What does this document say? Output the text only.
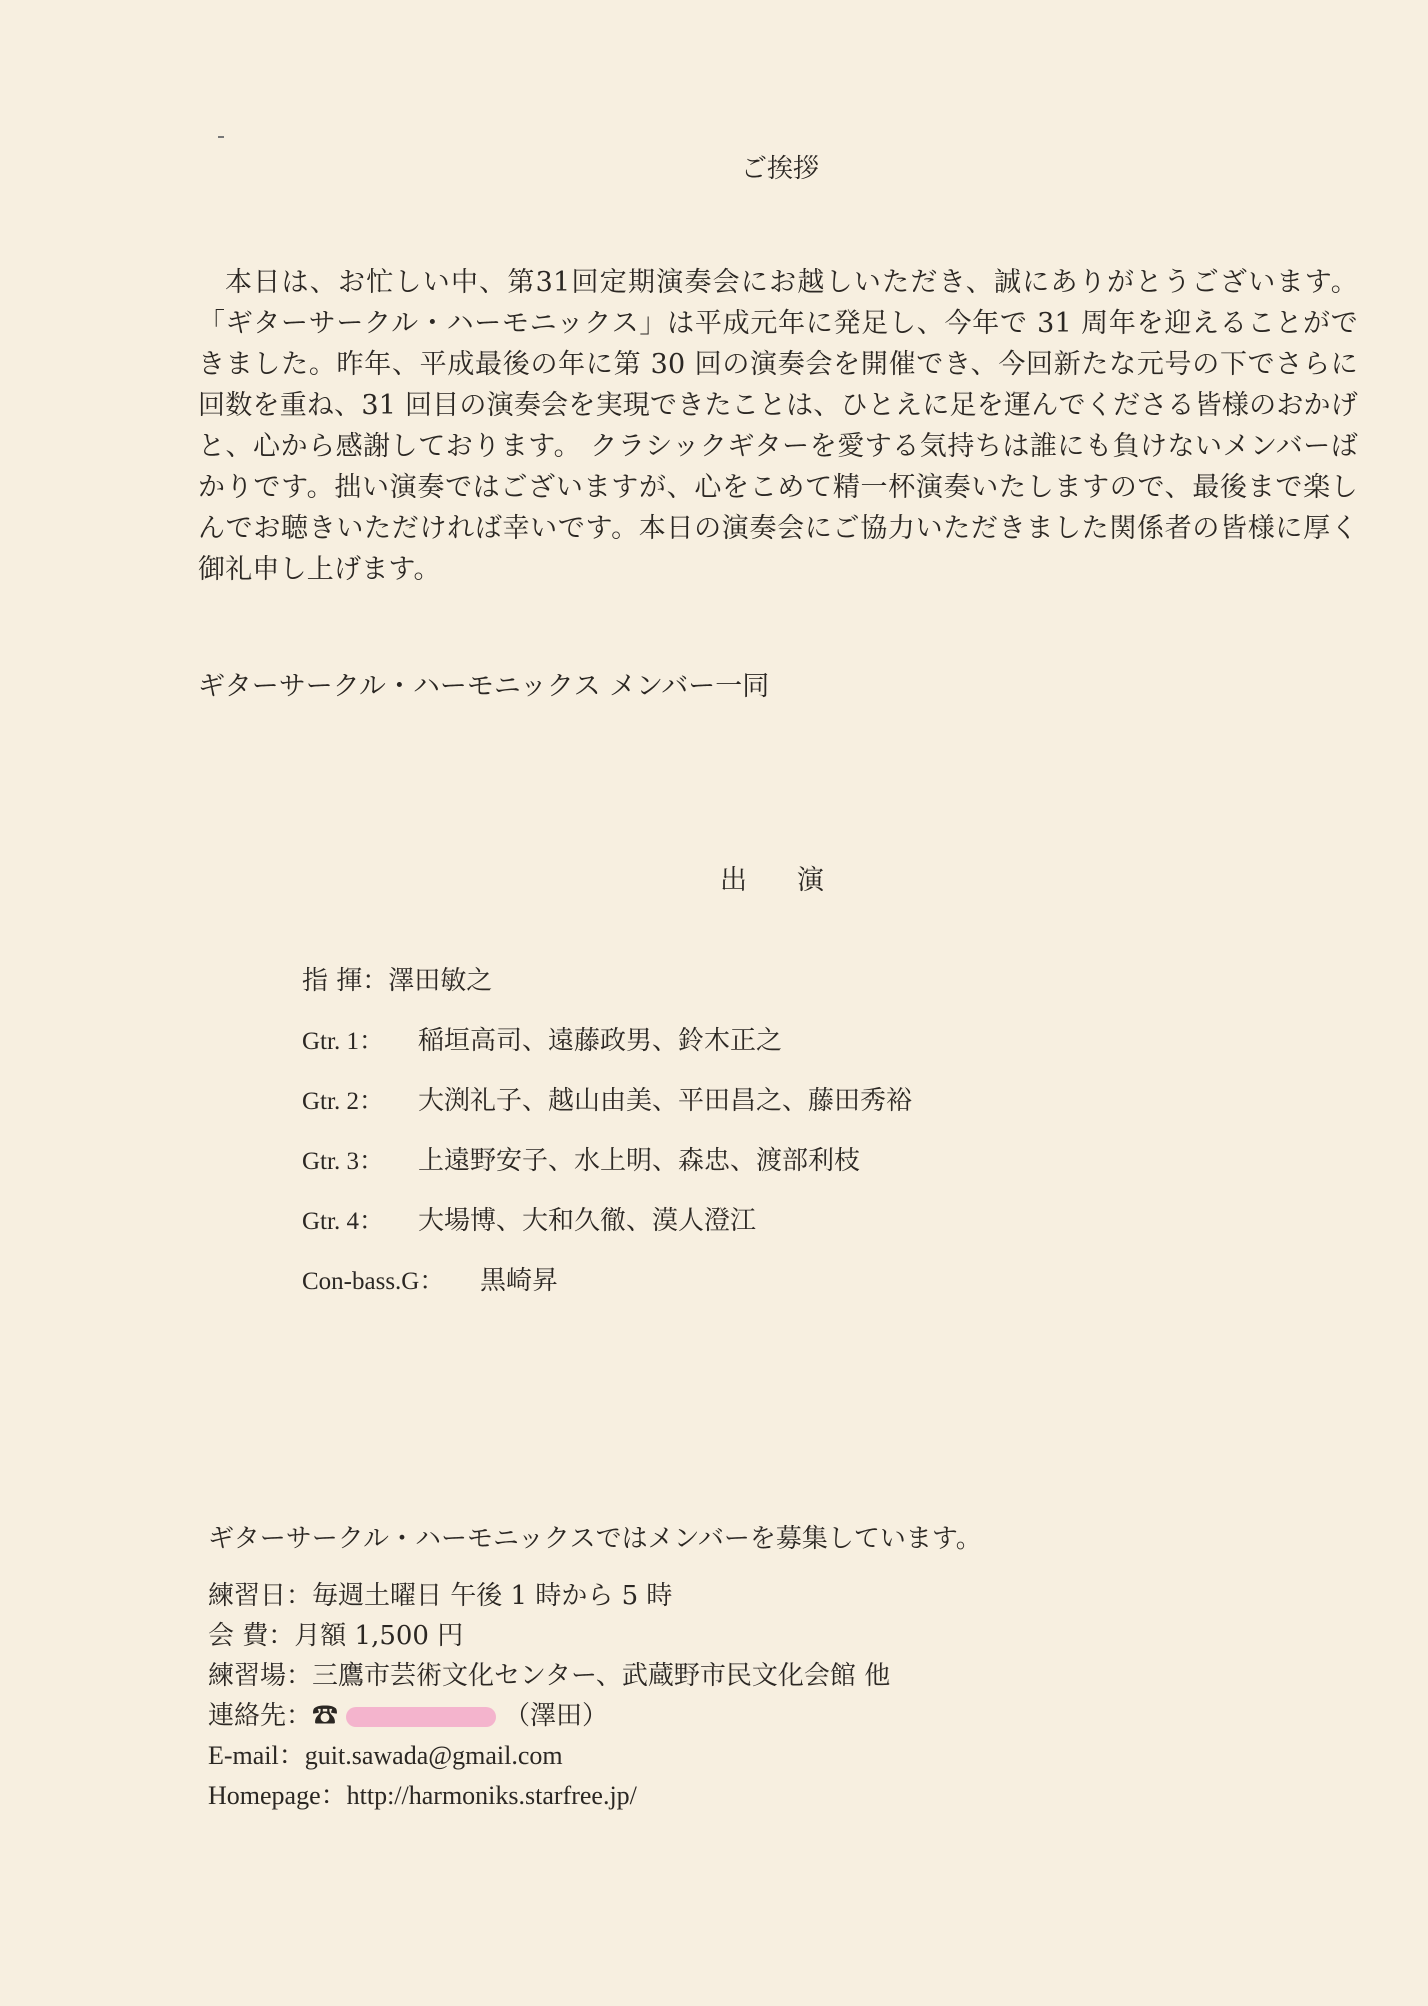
ご挨拶

本日は、お忙しい中、第31回定期演奏会にお越しいただき、誠にありがとうございます。「ギターサークル・ハーモニックス」は平成元年に発足し、今年で 31 周年を迎えることができました。昨年、平成最後の年に第 30 回の演奏会を開催でき、今回新たな元号の下でさらに回数を重ね、31 回目の演奏会を実現できたことは、ひとえに足を運んでくださる皆様のおかげと、心から感謝しております。 クラシックギターを愛する気持ちは誰にも負けないメンバーばかりです。拙い演奏ではございますが、心をこめて精一杯演奏いたしますので、最後まで楽しんでお聴きいただければ幸いです。本日の演奏会にご協力いただきました関係者の皆様に厚く御礼申し上げます。

ギターサークル・ハーモニックス メンバー一同
出演
指 揮：澤田敏之
Gtr. 1： 稲垣高司、遠藤政男、鈴木正之
Gtr. 2： 大渕礼子、越山由美、平田昌之、藤田秀裕
Gtr. 3： 上遠野安子、水上明、森忠、渡部利枝
Gtr. 4： 大場博、大和久徹、漠人澄江
Con-bass.G： 黒崎昇
ギターサークル・ハーモニックスではメンバーを募集しています。
練習日：毎週土曜日 午後 1 時から 5 時
会 費：月額 1,500 円
練習場：三鷹市芸術文化センター、武蔵野市民文化会館 他
連絡先：☎	（澤田）
E-mail：guit.sawada@gmail.com
Homepage：http://harmoniks.starfree.jp/
